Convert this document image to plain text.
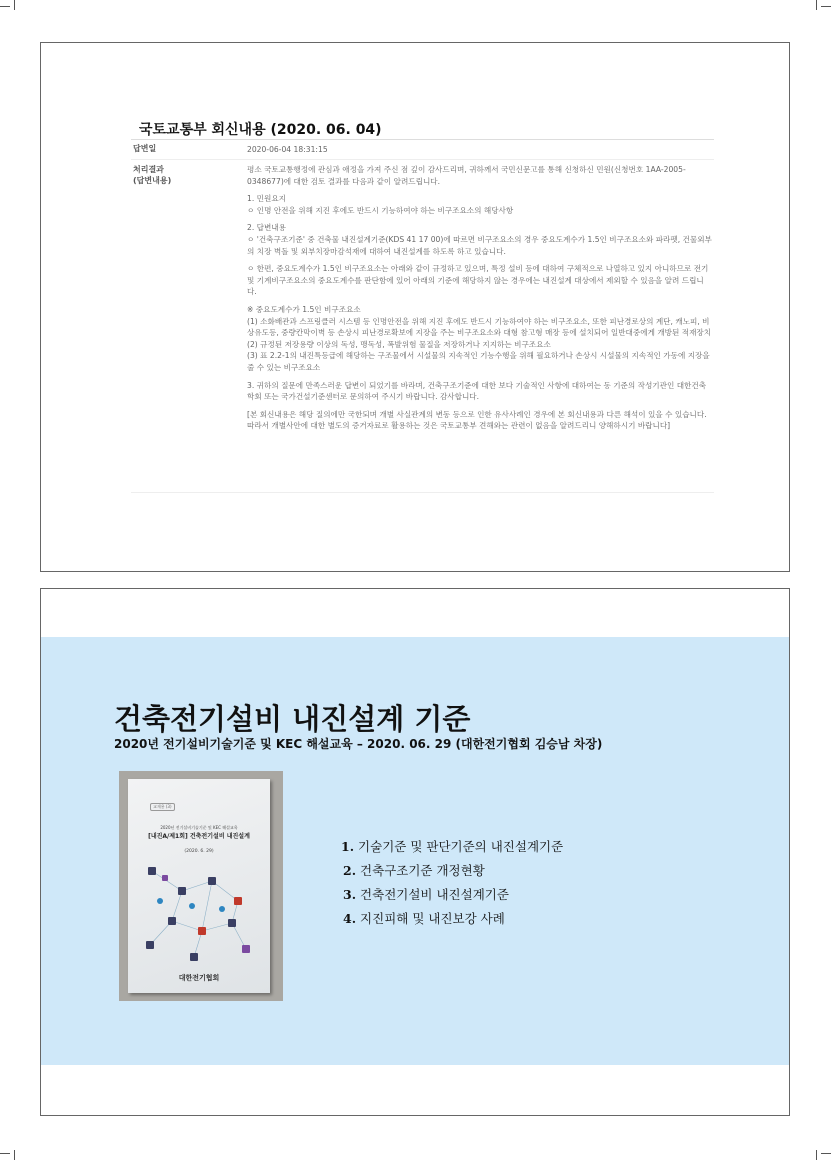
국토교통부 회신내용 (2020. 06. 04)
답변일	2020-06-04 18:31:15
처리결과
(답변내용)

평소 국토교통행정에 관심과 애정을 가져 주신 점 깊이 감사드리며, 귀하께서 국민신문고를 통해 신청하신 민원(신청번호 1AA-2005-0348677)에 대한 검토 결과를 다음과 같이 알려드립니다.

1. 민원요지
ㅇ 인명 안전을 위해 지진 후에도 반드시 기능하여야 하는 비구조요소의 해당사항

2. 답변내용
ㅇ '건축구조기준' 중 건축물 내진설계기준(KDS 41 17 00)에 따르면 비구조요소의 경우 중요도계수가 1.5인 비구조요소와 파라펫, 건물외부의 치장 벽돌 및 외부치장마감석재에 대하여 내진설계를 하도록 하고 있습니다.

ㅇ 한편, 중요도계수가 1.5인 비구조요소는 아래와 같이 규정하고 있으며, 특정 설비 등에 대하여 구체적으로 나열하고 있지 아니하므로 전기 및 기계비구조요소의 중요도계수를 판단함에 있어 아래의 기준에 해당하지 않는 경우에는 내진설계 대상에서 제외할 수 있음을 알려 드립니다.

※ 중요도계수가 1.5인 비구조요소
(1) 소화배관과 스프링클러 시스템 등 인명안전을 위해 지진 후에도 반드시 기능하여야 하는 비구조요소, 또한 피난경로상의 계단, 캐노피, 비상유도등, 중량칸막이벽 등 손상시 피난경로확보에 지장을 주는 비구조요소와 대형 참고형 매장 등에 설치되어 일반대중에게 개방된 적재장치
(2) 규정된 저장용량 이상의 독성, 맹독성, 폭발위험 물질을 저장하거나 지지하는 비구조요소
(3) 표 2.2-1의 내진특등급에 해당하는 구조물에서 시설물의 지속적인 기능수행을 위해 필요하거나 손상시 시설물의 지속적인 가동에 지장을 줄 수 있는 비구조요소

3. 귀하의 질문에 만족스러운 답변이 되었기를 바라며, 건축구조기준에 대한 보다 기술적인 사항에 대하여는 동 기준의 작성기관인 대한건축학회 또는 국가건설기준센터로 문의하여 주시기 바랍니다. 감사합니다.

[본 회신내용은 해당 질의에만 국한되며 개별 사실관계의 변동 등으로 인한 유사사례인 경우에 본 회신내용과 다른 해석이 있을 수 있습니다. 따라서 개별사안에 대한 별도의 증거자료로 활용하는 것은 국토교통부 견해와는 관련이 없음을 알려드리니 양해하시기 바랍니다]

건축전기설비 내진설계 기준
2020년 전기설비기술기준 및 KEC 해설교육 – 2020. 06. 29 (대한전기협회 김승남 차장)
교재용 (3)
2020년 전기설비기술기준 및 KEC 해설교육
[내진A/제1회] 건축전기설비 내진설계
(2020. 6. 29)
대한전기협회
1. 기술기준 및 판단기준의 내진설계기준
2. 건축구조기준 개정현황
3. 건축전기설비 내진설계기준
4. 지진피해 및 내진보강 사례
